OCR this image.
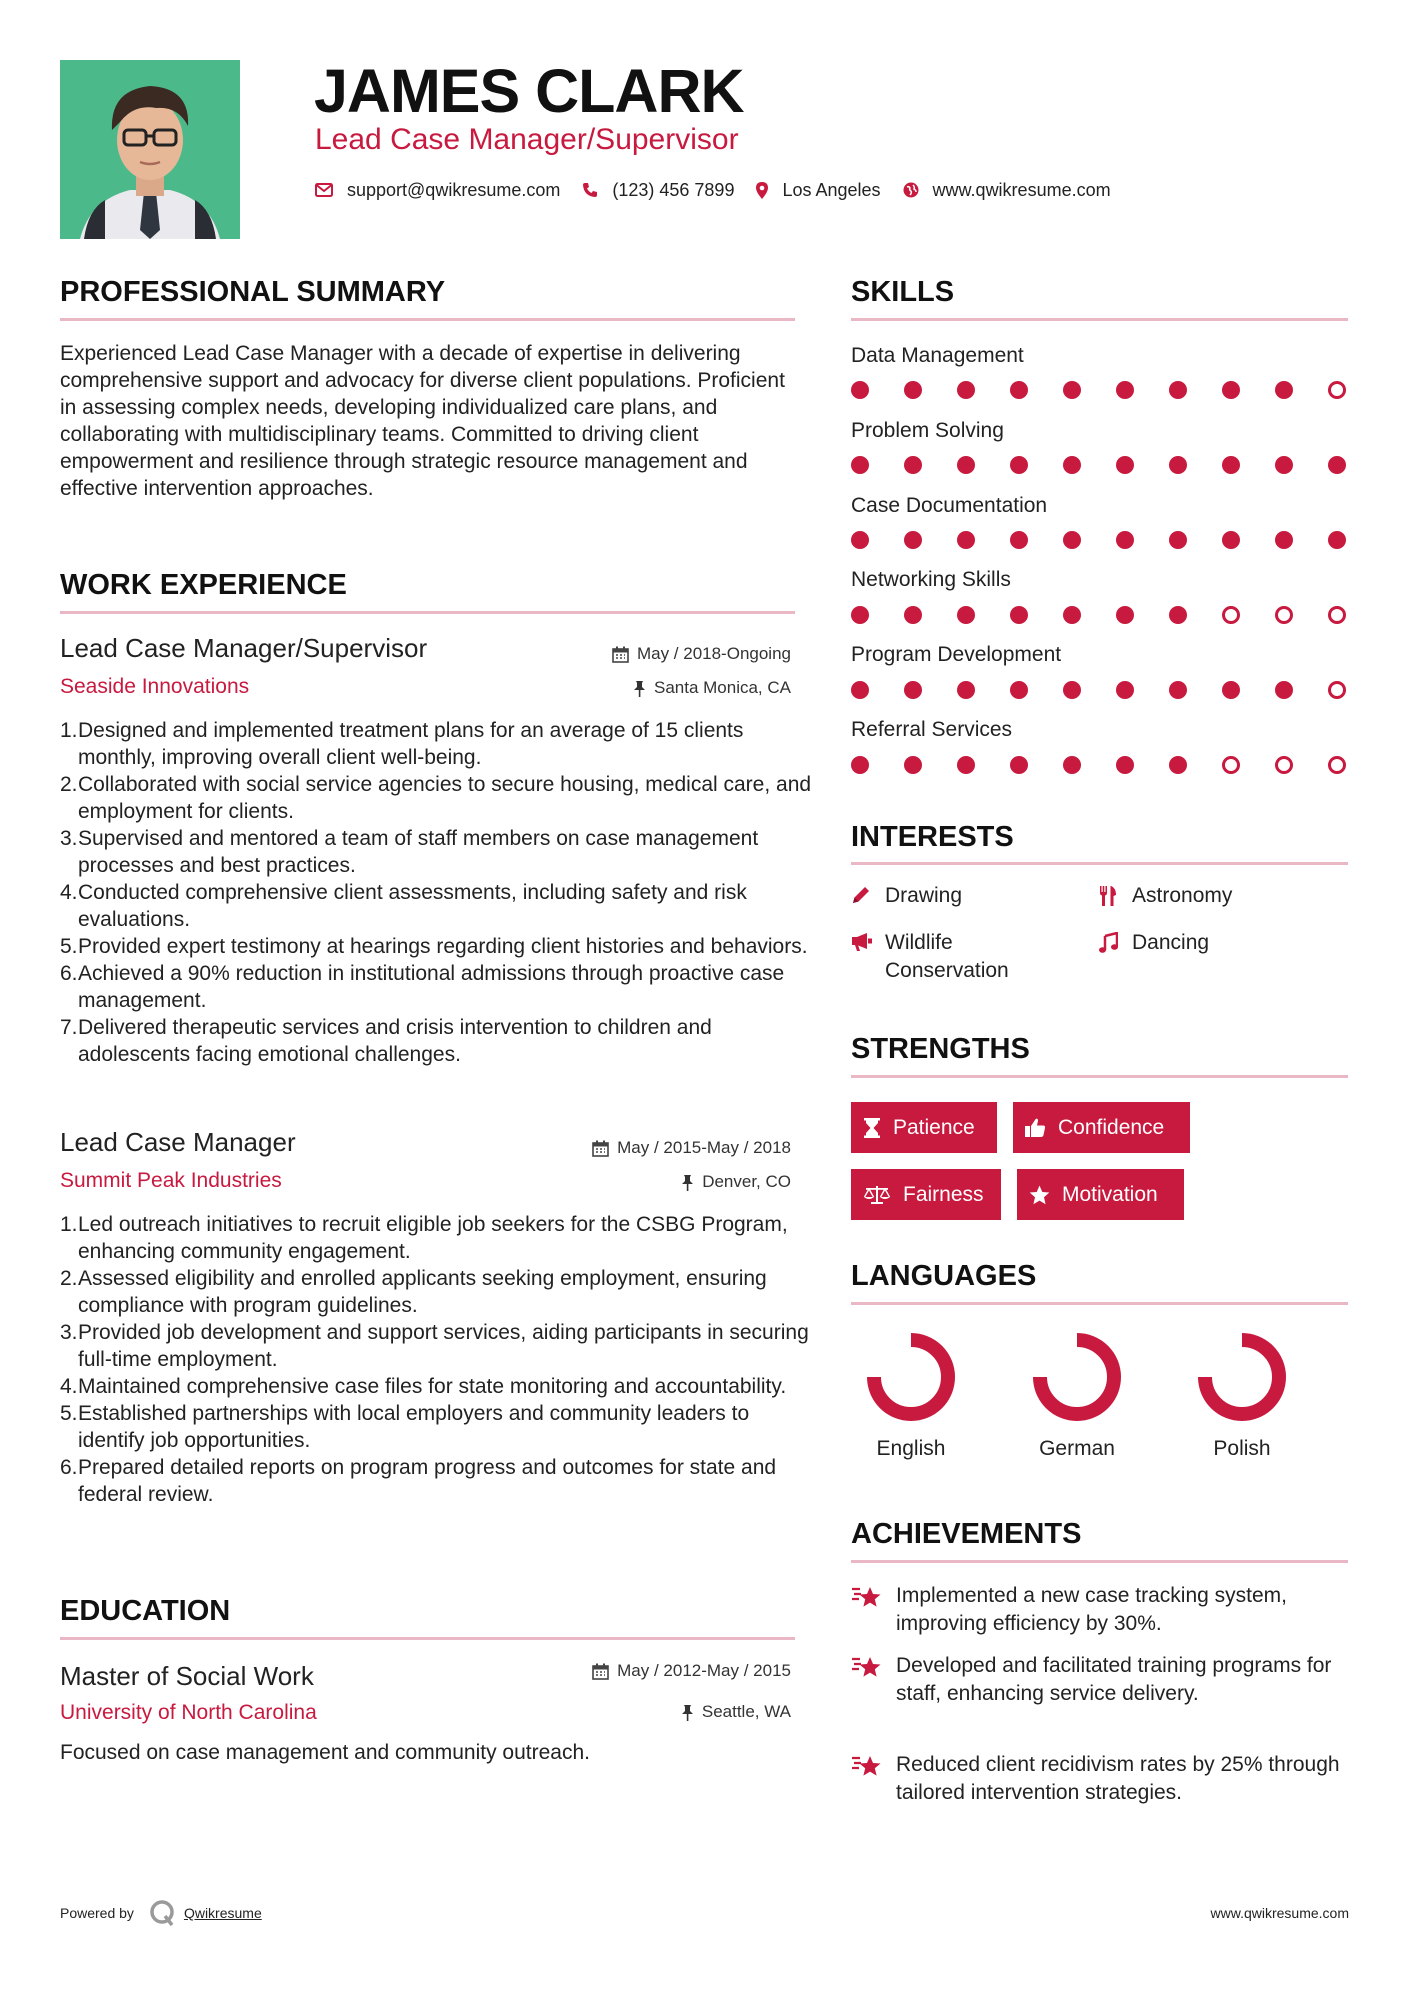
JAMES CLARK
Lead Case Manager/Supervisor
support@qwikresume.com	(123) 456 7899	Los Angeles	www.qwikresume.com
PROFESSIONAL SUMMARY
Experienced Lead Case Manager with a decade of expertise in delivering comprehensive support and advocacy for diverse client populations. Proficient in assessing complex needs, developing individualized care plans, and collaborating with multidisciplinary teams. Committed to driving client empowerment and resilience through strategic resource management and effective intervention approaches.
WORK EXPERIENCE
Lead Case Manager/Supervisor	May / 2018-Ongoing
Seaside Innovations	Santa Monica, CA
1. Designed and implemented treatment plans for an average of 15 clients monthly, improving overall client well-being.
2. Collaborated with social service agencies to secure housing, medical care, and employment for clients.
3. Supervised and mentored a team of staff members on case management processes and best practices.
4. Conducted comprehensive client assessments, including safety and risk evaluations.
5. Provided expert testimony at hearings regarding client histories and behaviors.
6. Achieved a 90% reduction in institutional admissions through proactive case management.
7. Delivered therapeutic services and crisis intervention to children and adolescents facing emotional challenges.
Lead Case Manager	May / 2015-May / 2018
Summit Peak Industries	Denver, CO
1. Led outreach initiatives to recruit eligible job seekers for the CSBG Program, enhancing community engagement.
2. Assessed eligibility and enrolled applicants seeking employment, ensuring compliance with program guidelines.
3. Provided job development and support services, aiding participants in securing full-time employment.
4. Maintained comprehensive case files for state monitoring and accountability.
5. Established partnerships with local employers and community leaders to identify job opportunities.
6. Prepared detailed reports on program progress and outcomes for state and federal review.
EDUCATION
Master of Social Work	May / 2012-May / 2015
University of North Carolina	Seattle, WA
Focused on case management and community outreach.
SKILLS
Data Management
Problem Solving
Case Documentation
Networking Skills
Program Development
Referral Services
INTERESTS
Drawing	Astronomy
Wildlife Conservation
Dancing
STRENGTHS
Patience	Confidence
Fairness	Motivation
LANGUAGES
English	German	Polish
ACHIEVEMENTS
Implemented a new case tracking system, improving efficiency by 30%.
Developed and facilitated training programs for staff, enhancing service delivery.
Reduced client recidivism rates by 25% through tailored intervention strategies.
Powered by	Qwikresume	www.qwikresume.com
